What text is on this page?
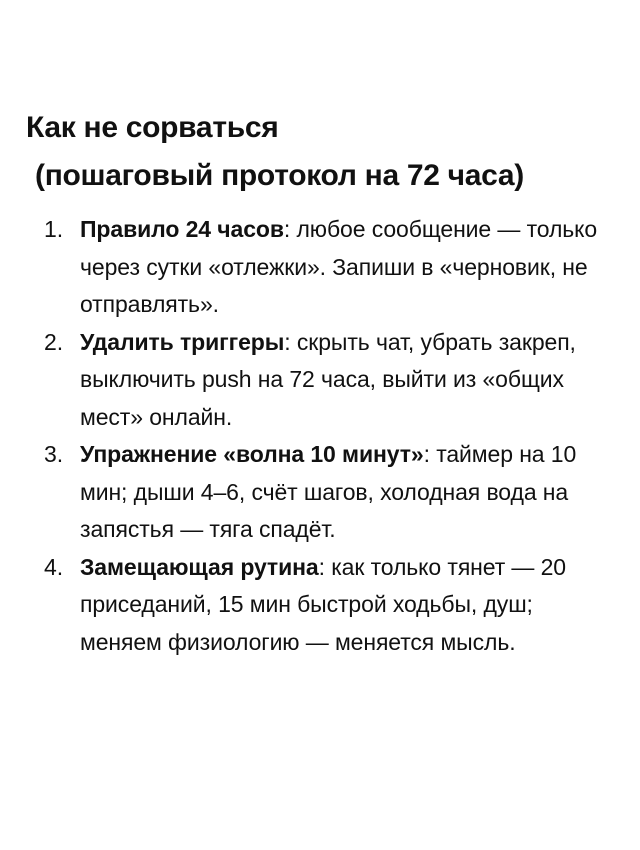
Как не сорваться
(пошаговый протокол на 72 часа)
1. Правило 24 часов: любое сообщение — только через сутки «отлежки». Запиши в «черновик, не отправлять».
2. Удалить триггеры: скрыть чат, убрать закреп, выключить push на 72 часа, выйти из «общих мест» онлайн.
3. Упражнение «волна 10 минут»: таймер на 10 мин; дыши 4–6, счёт шагов, холодная вода на запястья — тяга спадёт.
4. Замещающая рутина: как только тянет — 20 приседаний, 15 мин быстрой ходьбы, душ; меняем физиологию — меняется мысль.
